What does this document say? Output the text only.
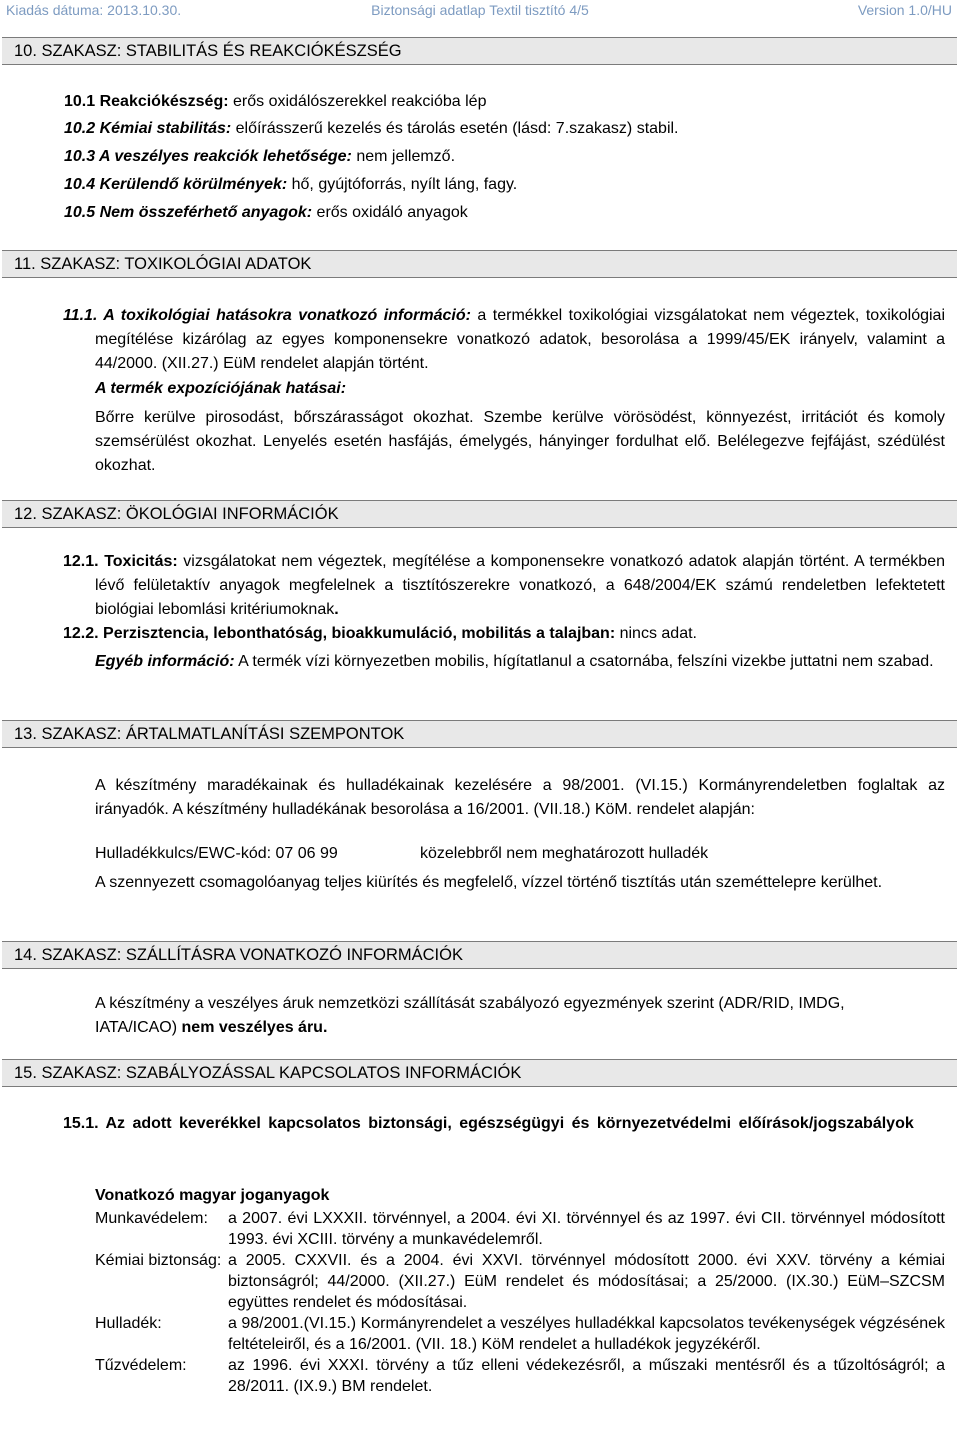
Kiadás dátuma: 2013.10.30.	Biztonsági adatlap Textil tisztító 4/5	Version 1.0/HU
10. SZAKASZ: STABILITÁS ÉS REAKCIÓKÉSZSÉG
10.1 Reakciókészség: erős oxidálószerekkel reakcióba lép
10.2 Kémiai stabilitás: előírásszerű kezelés és tárolás esetén (lásd: 7.szakasz) stabil.
10.3 A veszélyes reakciók lehetősége: nem jellemző.
10.4 Kerülendő körülmények: hő, gyújtóforrás, nyílt láng, fagy.
10.5 Nem összeférhető anyagok: erős oxidáló anyagok
11. SZAKASZ: TOXIKOLÓGIAI ADATOK
11.1. A toxikológiai hatásokra vonatkozó információ: a termékkel toxikológiai vizsgálatokat nem végeztek, toxikológiai megítélése kizárólag az egyes komponensekre vonatkozó adatok, besorolása a 1999/45/EK irányelv, valamint a 44/2000. (XII.27.) EüM rendelet alapján történt.
A termék expozíciójának hatásai:
Bőrre kerülve pirosodást, bőrszárasságot okozhat. Szembe kerülve vörösödést, könnyezést, irritációt és komoly szemsérülést okozhat. Lenyelés esetén hasfájás, émelygés, hányinger fordulhat elő. Belélegezve fejfájást, szédülést okozhat.
12. SZAKASZ: ÖKOLÓGIAI INFORMÁCIÓK
12.1. Toxicitás: vizsgálatokat nem végeztek, megítélése a komponensekre vonatkozó adatok alapján történt. A termékben lévő felületaktív anyagok megfelelnek a tisztítószerekre vonatkozó, a 648/2004/EK számú rendeletben lefektetett biológiai lebomlási kritériumoknak.
12.2. Perzisztencia, lebonthatóság, bioakkumuláció, mobilitás a talajban: nincs adat.
Egyéb információ: A termék vízi környezetben mobilis, hígítatlanul a csatornába, felszíni vizekbe juttatni nem szabad.
13. SZAKASZ: ÁRTALMATLANÍTÁSI SZEMPONTOK
A készítmény maradékainak és hulladékainak kezelésére a 98/2001. (VI.15.) Kormányrendeletben foglaltak az irányadók. A készítmény hulladékának besorolása a 16/2001. (VII.18.) KöM. rendelet alapján:
Hulladékkulcs/EWC-kód: 07 06 99	közelebbről nem meghatározott hulladék
A szennyezett csomagolóanyag teljes kiürítés és megfelelő, vízzel történő tisztítás után szeméttelepre kerülhet.
14. SZAKASZ: SZÁLLÍTÁSRA VONATKOZÓ INFORMÁCIÓK
A készítmény a veszélyes áruk nemzetközi szállítását szabályozó egyezmények szerint (ADR/RID, IMDG, IATA/ICAO) nem veszélyes áru.
15. SZAKASZ: SZABÁLYOZÁSSAL KAPCSOLATOS INFORMÁCIÓK
15.1. Az adott keverékkel kapcsolatos biztonsági, egészségügyi és környezetvédelmi előírások/jogszabályok
Vonatkozó magyar joganyagok
Munkavédelem: a 2007. évi LXXXII. törvénnyel, a 2004. évi XI. törvénnyel és az 1997. évi CII. törvénnyel módosított 1993. évi XCIII. törvény a munkavédelemről.
Kémiai biztonság: a 2005. CXXVII. és a 2004. évi XXVI. törvénnyel módosított 2000. évi XXV. törvény a kémiai biztonságról; 44/2000. (XII.27.) EüM rendelet és módosításai; a 25/2000. (IX.30.) EüM–SZCSM együttes rendelet és módosításai.
Hulladék:	a 98/2001.(VI.15.) Kormányrendelet a veszélyes hulladékkal kapcsolatos tevékenységek végzésének feltételeiről, és a 16/2001. (VII. 18.) KöM rendelet a hulladékok jegyzékéről.
Tűzvédelem:	az 1996. évi XXXI. törvény a tűz elleni védekezésről, a műszaki mentésről és a tűzoltóságról; a 28/2011. (IX.9.) BM rendelet.
